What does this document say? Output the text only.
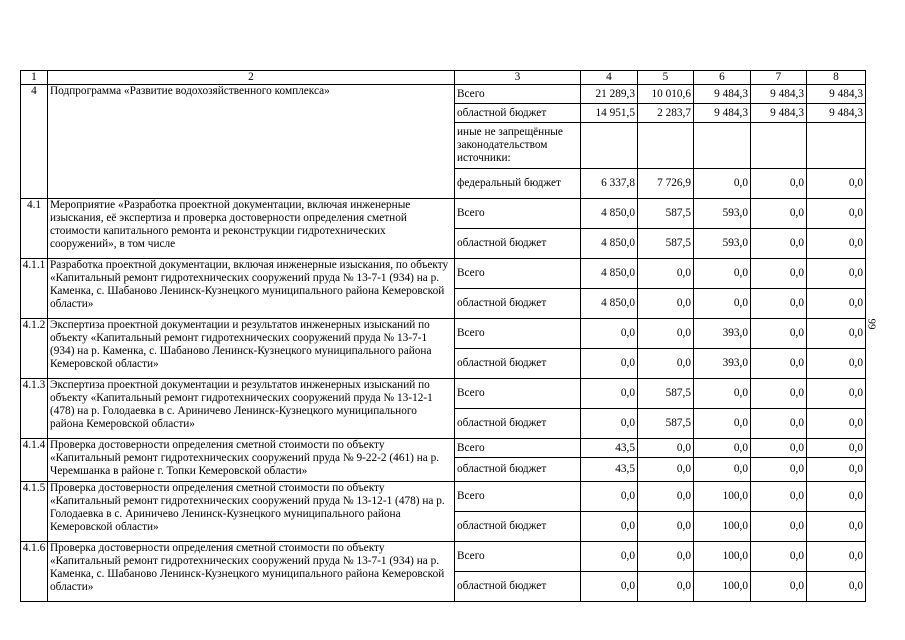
1	2	3	4	5	6	7	8
4	Подпрограмма «Развитие водохозяйственного комплекса»	Всего	21 289,3	10 010,6	9 484,3	9 484,3	9 484,3
		областной бюджет	14 951,5	2 283,7	9 484,3	9 484,3	9 484,3
		иные не запрещённые законодательством источники:					
		федеральный бюджет	6 337,8	7 726,9	0,0	0,0	0,0
4.1	Мероприятие «Разработка проектной документации, включая инженерные изыскания, её экспертиза и проверка достоверности определения сметной стоимости капитального ремонта и реконструкции гидротехнических сооружений», в том числе	Всего	4 850,0	587,5	593,0	0,0	0,0
		областной бюджет	4 850,0	587,5	593,0	0,0	0,0
4.1.1	Разработка проектной документации, включая инженерные изыскания, по объекту «Капитальный ремонт гидротехнических сооружений пруда № 13-7-1 (934) на р. Каменка, с. Шабаново Ленинск-Кузнецкого муниципального района Кемеровской области»	Всего	4 850,0	0,0	0,0	0,0	0,0
		областной бюджет	4 850,0	0,0	0,0	0,0	0,0
4.1.2	Экспертиза проектной документации и результатов инженерных изысканий по объекту «Капитальный ремонт гидротехнических сооружений пруда № 13-7-1 (934) на р. Каменка, с. Шабаново Ленинск-Кузнецкого муниципального района Кемеровской области»	Всего	0,0	0,0	393,0	0,0	0,0
		областной бюджет	0,0	0,0	393,0	0,0	0,0
4.1.3	Экспертиза проектной документации и результатов инженерных изысканий по объекту «Капитальный ремонт гидротехнических сооружений пруда № 13-12-1 (478) на р. Голодаевка в с. Ариничево Ленинск-Кузнецкого муниципального района Кемеровской области»	Всего	0,0	587,5	0,0	0,0	0,0
		областной бюджет	0,0	587,5	0,0	0,0	0,0
4.1.4	Проверка достоверности определения сметной стоимости по объекту «Капитальный ремонт гидротехнических сооружений пруда № 9-22-2 (461) на р. Черемшанка в районе г. Топки Кемеровской области»	Всего	43,5	0,0	0,0	0,0	0,0
		областной бюджет	43,5	0,0	0,0	0,0	0,0
4.1.5	Проверка достоверности определения сметной стоимости по объекту «Капитальный ремонт гидротехнических сооружений пруда № 13-12-1 (478) на р. Голодаевка в с. Ариничево Ленинск-Кузнецкого муниципального района Кемеровской области»	Всего	0,0	0,0	100,0	0,0	0,0
		областной бюджет	0,0	0,0	100,0	0,0	0,0
4.1.6	Проверка достоверности определения сметной стоимости по объекту «Капитальный ремонт гидротехнических сооружений пруда № 13-7-1 (934) на р. Каменка, с. Шабаново Ленинск-Кузнецкого муниципального района Кемеровской области»	Всего	0,0	0,0	100,0	0,0	0,0
		областной бюджет	0,0	0,0	100,0	0,0	0,0
99
